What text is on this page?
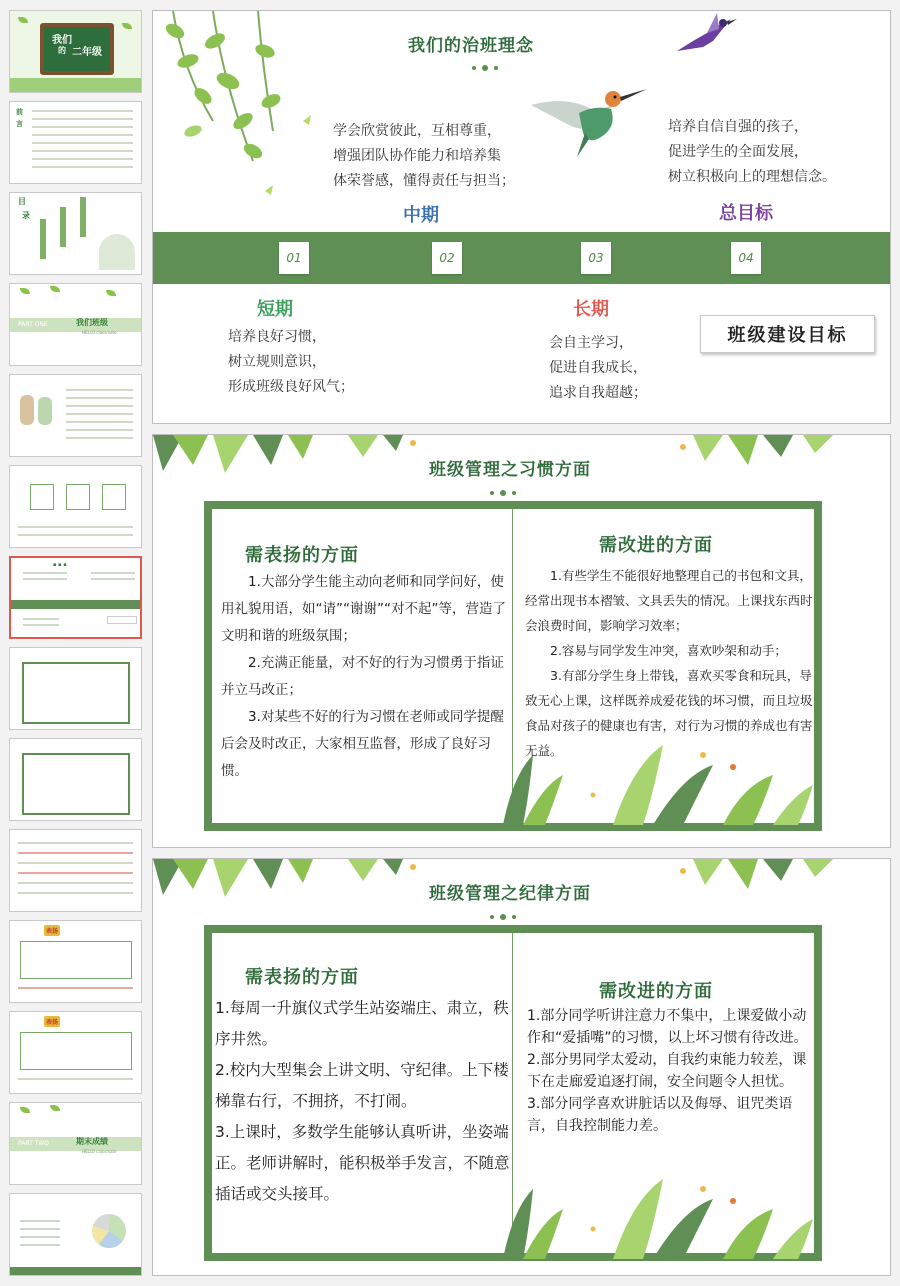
我们
的 二年级
前
言
目
录
PART ONE	我们班级
HELLO classmate
▪ ▪ ▪
表扬
表扬
PART TWO	期末成绩
HELLO classmate
我们的治班理念

学会欣赏彼此，互相尊重，

增强团队协作能力和培养集

体荣誉感，懂得责任与担当；

中期

培养自信自强的孩子，

促进学生的全面发展，

树立积极向上的理想信念。

总目标
01	02	03	04
短期

培养良好习惯，

树立规则意识，

形成班级良好风气；

长期

会自主学习，

促进自我成长，

追求自我超越；

班级建设目标
班级管理之习惯方面
需表扬的方面

1.大部分学生能主动向老师和同学问好，使用礼貌用语，如“请”“谢谢”“对不起”等，营造了文明和谐的班级氛围；

2.充满正能量，对不好的行为习惯勇于指证并立马改正；

3.对某些不好的行为习惯在老师或同学提醒后会及时改正，大家相互监督，形成了良好习惯。

需改进的方面

1.有些学生不能很好地整理自己的书包和文具，经常出现书本褶皱、文具丢失的情况。上课找东西时会浪费时间，影响学习效率；

2.容易与同学发生冲突，喜欢吵架和动手；

3.有部分学生身上带钱，喜欢买零食和玩具，导致无心上课，这样既养成爱花钱的坏习惯，而且垃圾食品对孩子的健康也有害，对行为习惯的养成也有害无益。

班级管理之纪律方面
需表扬的方面

1.每周一升旗仪式学生站姿端庄、肃立，秩序井然。

2.校内大型集会上讲文明、守纪律。上下楼梯靠右行，不拥挤，不打闹。

3.上课时，多数学生能够认真听讲，坐姿端正。老师讲解时，能积极举手发言，不随意插话或交头接耳。

需改进的方面

1.部分同学听讲注意力不集中，上课爱做小动作和“爱插嘴”的习惯，以上坏习惯有待改进。

2.部分男同学太爱动，自我约束能力较差，课下在走廊爱追逐打闹，安全问题令人担忧。

3.部分同学喜欢讲脏话以及侮辱、诅咒类语言，自我控制能力差。
